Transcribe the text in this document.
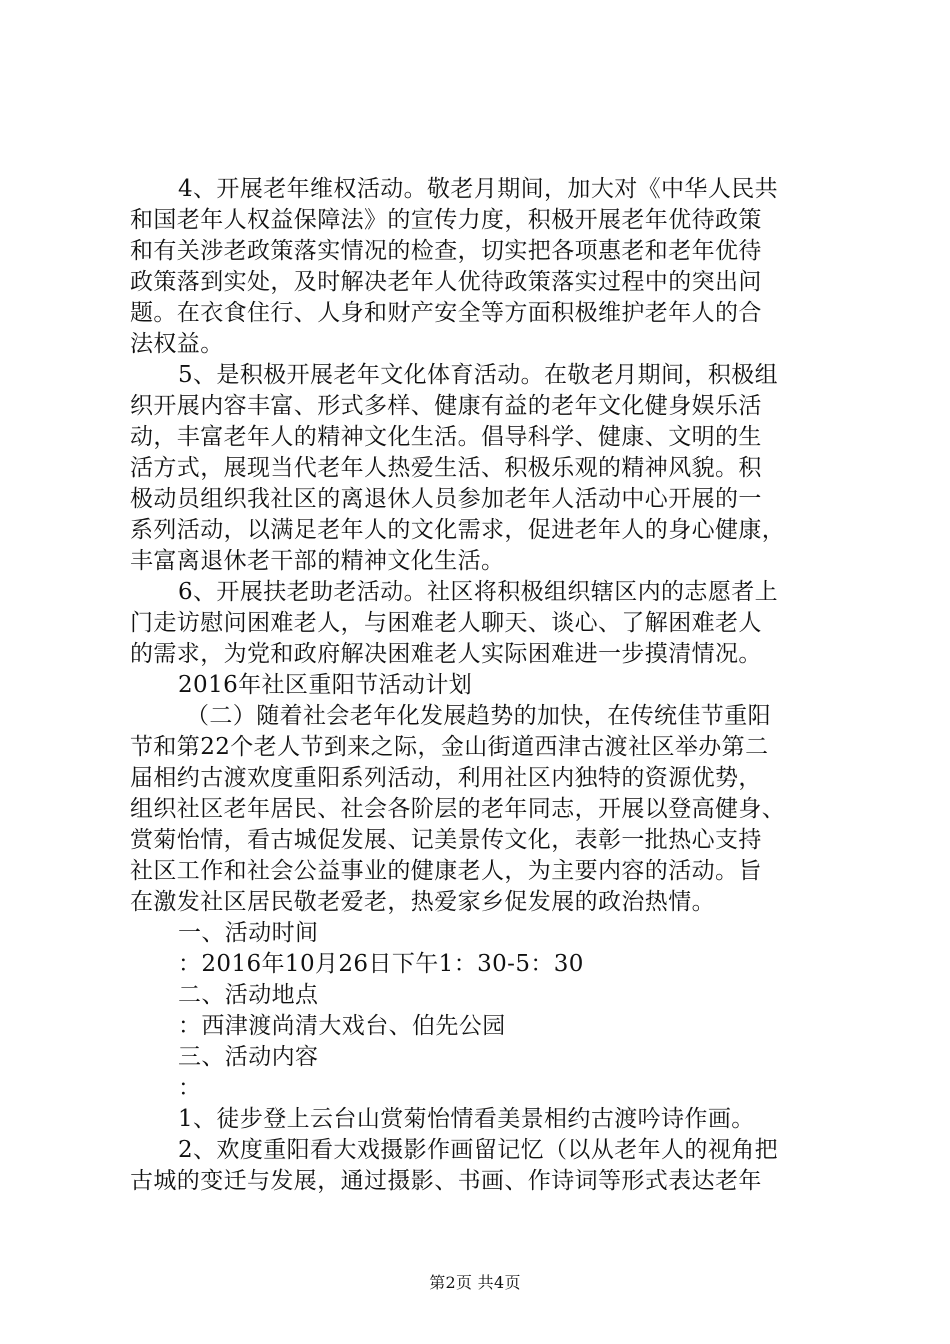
4、开展老年维权活动。敬老月期间，加大对《中华人民共
和国老年人权益保障法》的宣传力度，积极开展老年优待政策
和有关涉老政策落实情况的检查，切实把各项惠老和老年优待
政策落到实处，及时解决老年人优待政策落实过程中的突出问
题。在衣食住行、人身和财产安全等方面积极维护老年人的合
法权益。
5、是积极开展老年文化体育活动。在敬老月期间，积极组
织开展内容丰富、形式多样、健康有益的老年文化健身娱乐活
动，丰富老年人的精神文化生活。倡导科学、健康、文明的生
活方式，展现当代老年人热爱生活、积极乐观的精神风貌。积
极动员组织我社区的离退休人员参加老年人活动中心开展的一
系列活动，以满足老年人的文化需求，促进老年人的身心健康，
丰富离退休老干部的精神文化生活。
6、开展扶老助老活动。社区将积极组织辖区内的志愿者上
门走访慰问困难老人，与困难老人聊天、谈心、了解困难老人
的需求，为党和政府解决困难老人实际困难进一步摸清情况。
2016年社区重阳节活动计划
（二）随着社会老年化发展趋势的加快，在传统佳节重阳
节和第22个老人节到来之际，金山街道西津古渡社区举办第二
届相约古渡欢度重阳系列活动，利用社区内独特的资源优势，
组织社区老年居民、社会各阶层的老年同志，开展以登高健身、
赏菊怡情，看古城促发展、记美景传文化，表彰一批热心支持
社区工作和社会公益事业的健康老人，为主要内容的活动。旨
在激发社区居民敬老爱老，热爱家乡促发展的政治热情。
一、活动时间
：2016年10月26日下午1：30-5：30
二、活动地点
：西津渡尚清大戏台、伯先公园
三、活动内容
：
1、徒步登上云台山赏菊怡情看美景相约古渡吟诗作画。
2、欢度重阳看大戏摄影作画留记忆（以从老年人的视角把
古城的变迁与发展，通过摄影、书画、作诗词等形式表达老年
第2页 共4页
